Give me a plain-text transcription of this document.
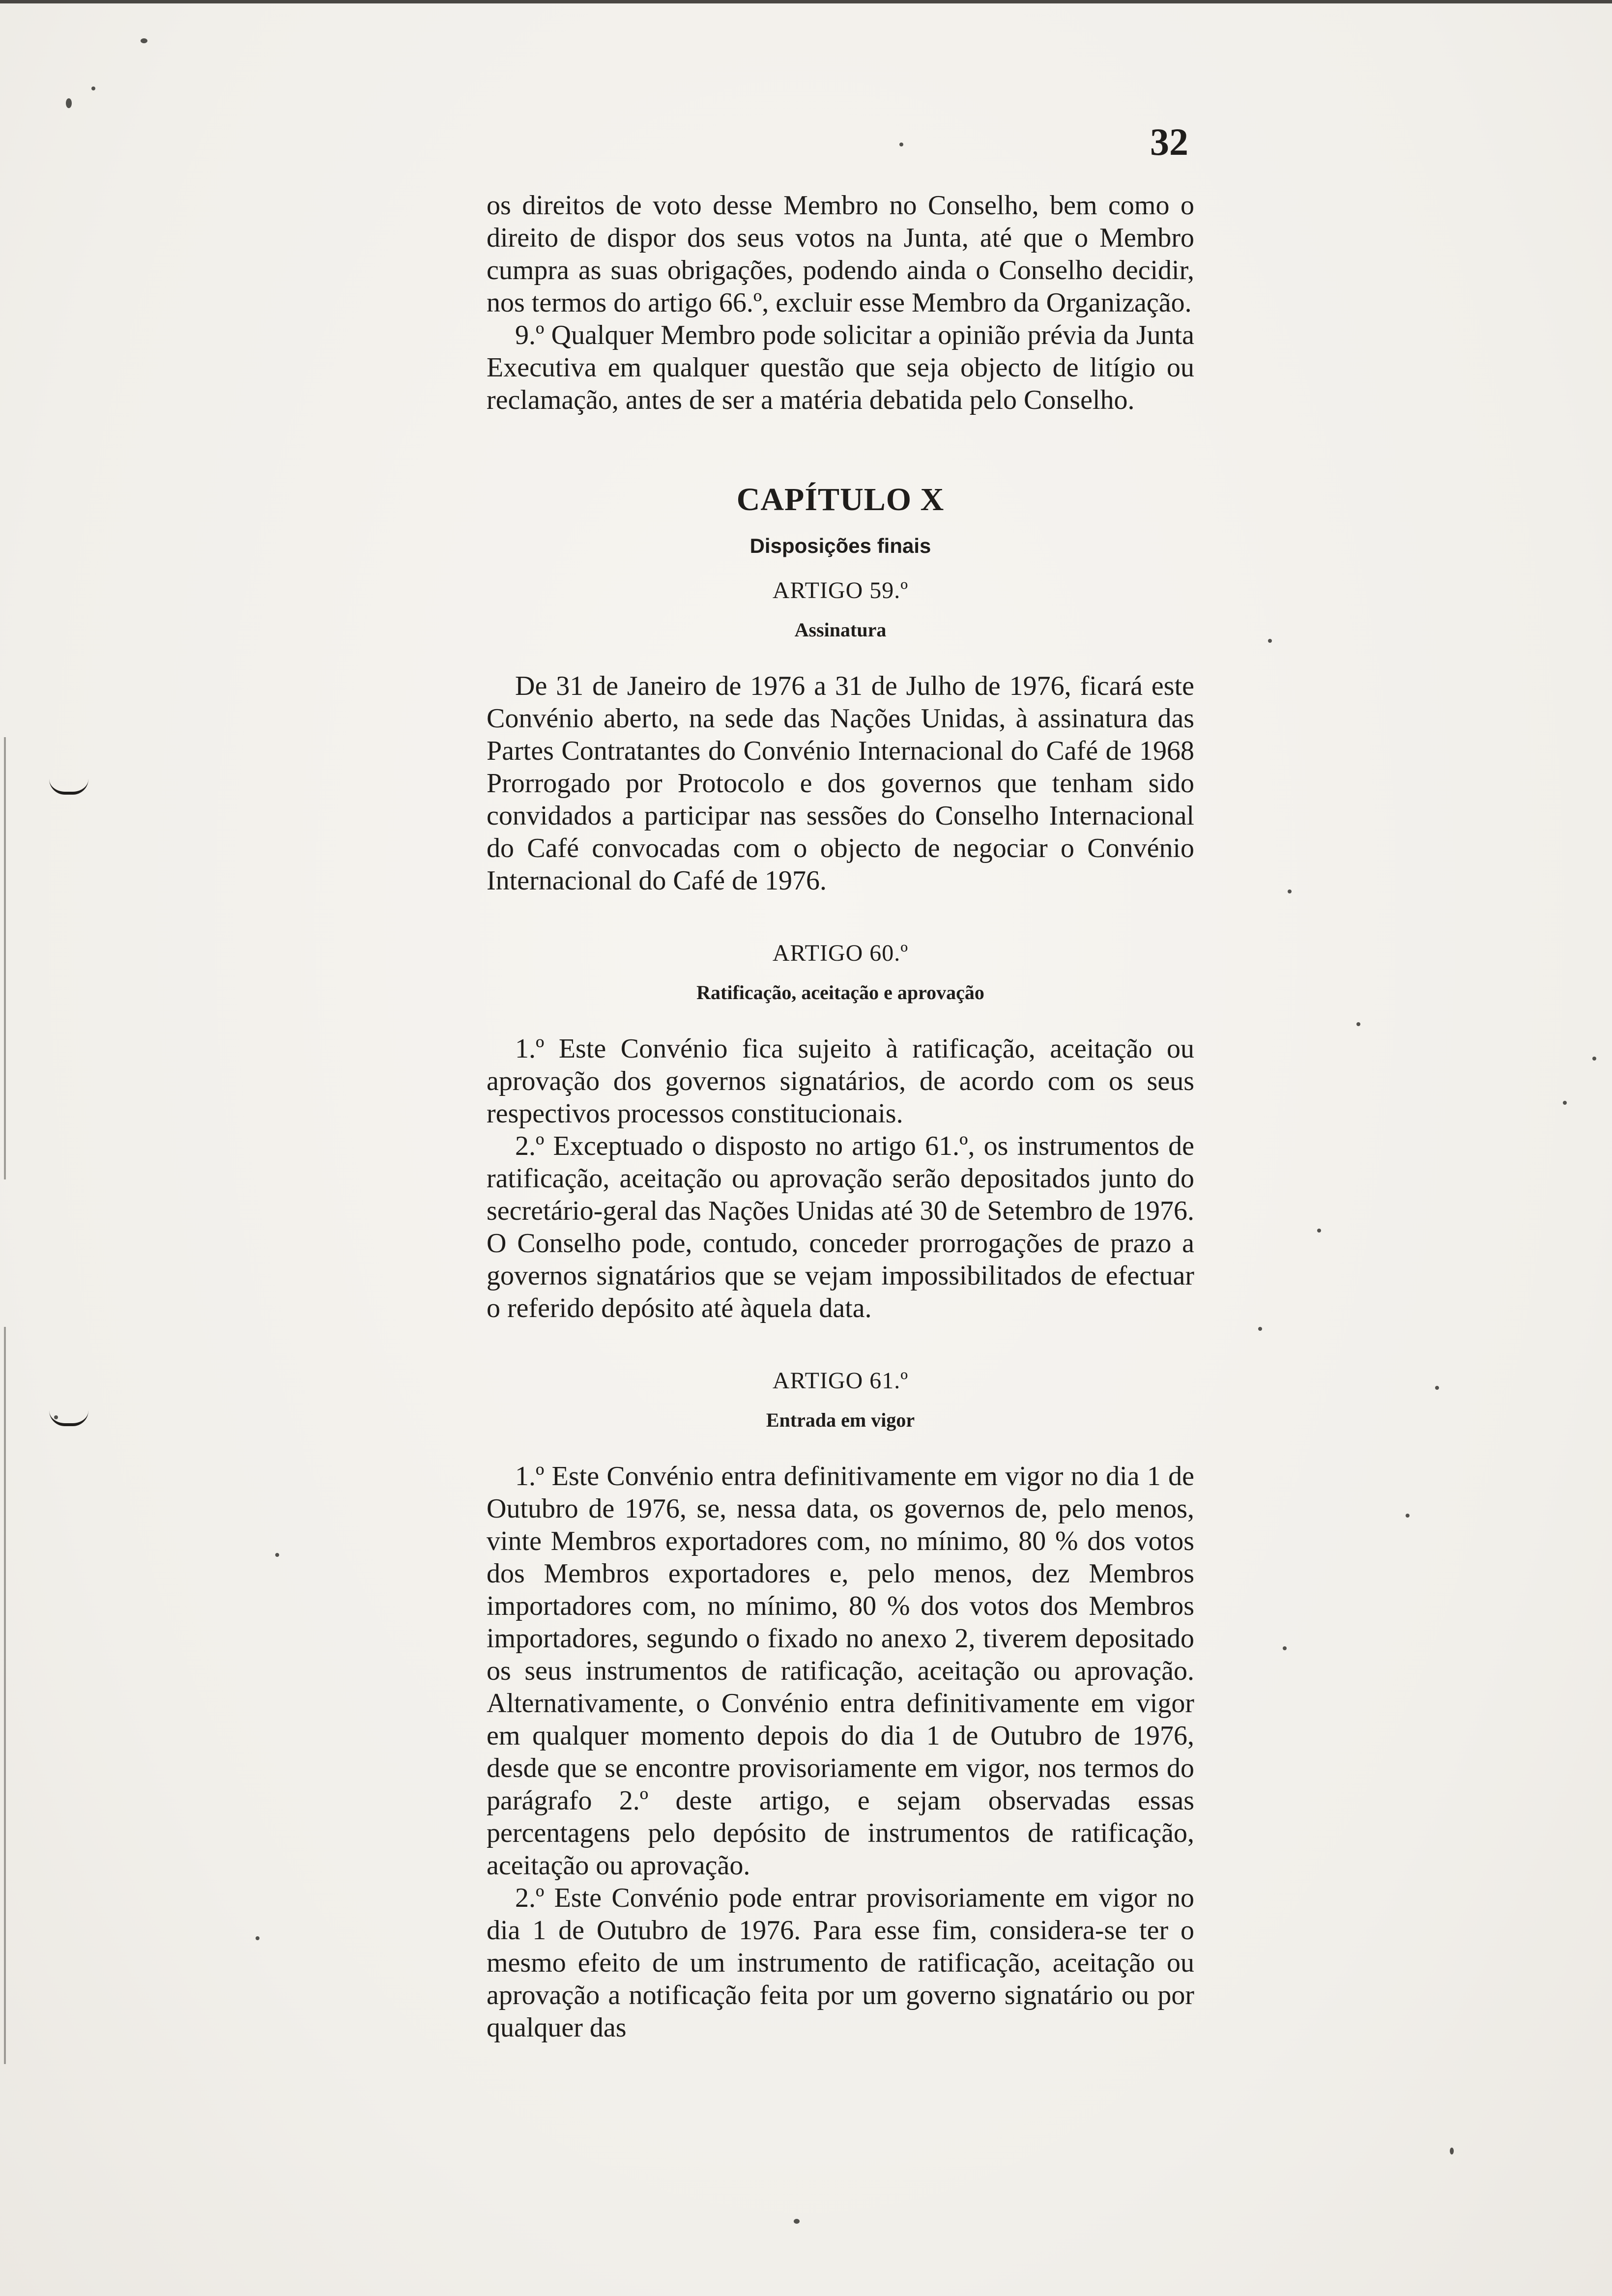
32

os direitos de voto desse Membro no Conselho, bem como o direito de dispor dos seus votos na Junta, até que o Membro cumpra as suas obrigações, podendo ainda o Conselho decidir, nos termos do artigo 66.º, excluir esse Membro da Organização.

9.º Qualquer Membro pode solicitar a opinião prévia da Junta Executiva em qualquer questão que seja objecto de litígio ou reclamação, antes de ser a matéria debatida pelo Conselho.

CAPÍTULO X
Disposições finais
ARTIGO 59.º
Assinatura

De 31 de Janeiro de 1976 a 31 de Julho de 1976, ficará este Convénio aberto, na sede das Nações Unidas, à assinatura das Partes Contratantes do Convénio Internacional do Café de 1968 Prorrogado por Protocolo e dos governos que tenham sido convidados a participar nas sessões do Conselho Internacional do Café convocadas com o objecto de negociar o Convénio Internacional do Café de 1976.

ARTIGO 60.º
Ratificação, aceitação e aprovação

1.º Este Convénio fica sujeito à ratificação, aceitação ou aprovação dos governos signatários, de acordo com os seus respectivos processos constitucionais.

2.º Exceptuado o disposto no artigo 61.º, os instrumentos de ratificação, aceitação ou aprovação serão depositados junto do secretário-geral das Nações Unidas até 30 de Setembro de 1976. O Conselho pode, contudo, conceder prorrogações de prazo a governos signatários que se vejam impossibilitados de efectuar o referido depósito até àquela data.

ARTIGO 61.º
Entrada em vigor

1.º Este Convénio entra definitivamente em vigor no dia 1 de Outubro de 1976, se, nessa data, os governos de, pelo menos, vinte Membros exportadores com, no mínimo, 80 % dos votos dos Membros exportadores e, pelo menos, dez Membros importadores com, no mínimo, 80 % dos votos dos Membros importadores, segundo o fixado no anexo 2, tiverem depositado os seus instrumentos de ratificação, aceitação ou aprovação. Alternativamente, o Convénio entra definitivamente em vigor em qualquer momento depois do dia 1 de Outubro de 1976, desde que se encontre provisoriamente em vigor, nos termos do parágrafo 2.º deste artigo, e sejam observadas essas percentagens pelo depósito de instrumentos de ratificação, aceitação ou aprovação.

2.º Este Convénio pode entrar provisoriamente em vigor no dia 1 de Outubro de 1976. Para esse fim, considera-se ter o mesmo efeito de um instrumento de ratificação, aceitação ou aprovação a notificação feita por um governo signatário ou por qualquer das
